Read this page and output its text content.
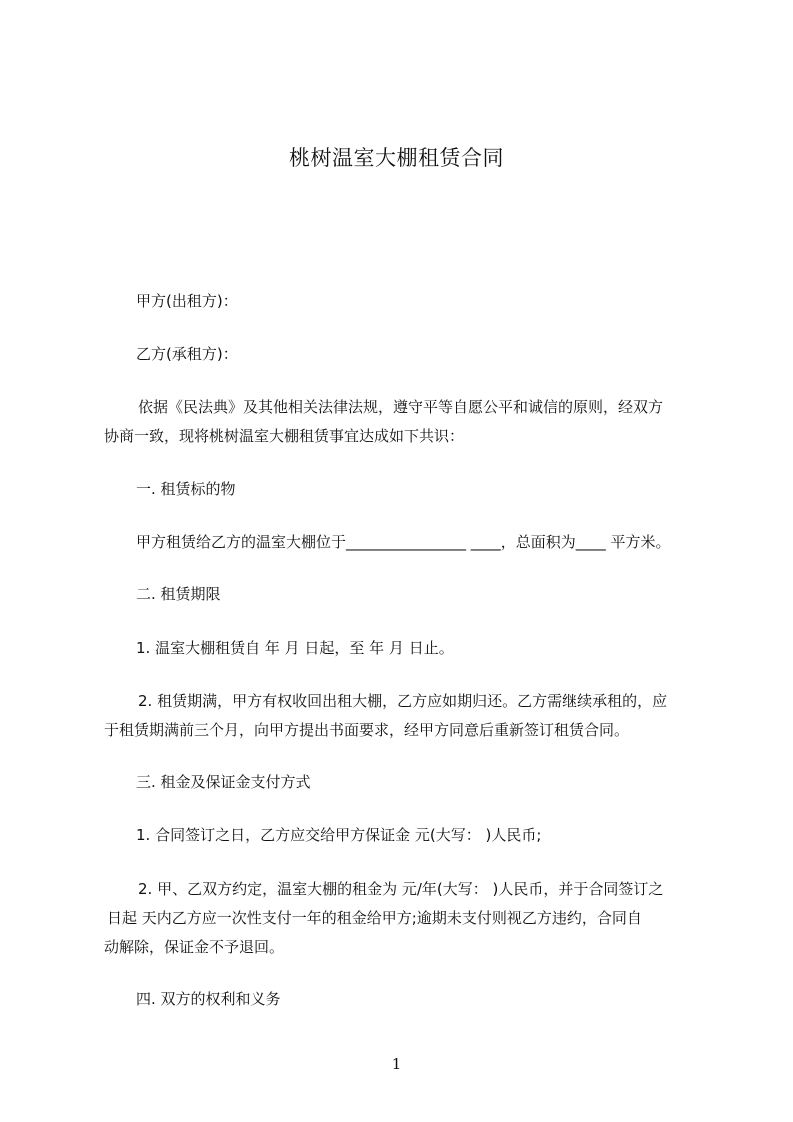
桃树温室大棚租赁合同
甲方(出租方)：
乙方(承租方)：
依据《民法典》及其他相关法律法规，遵守平等自愿公平和诚信的原则，经双方
协商一致，现将桃树温室大棚租赁事宜达成如下共识：
一. 租赁标的物
甲方租赁给乙方的温室大棚位于________________ ____，总面积为____ 平方米。
二. 租赁期限
1. 温室大棚租赁自 年 月 日起，至 年 月 日止。
2. 租赁期满，甲方有权收回出租大棚，乙方应如期归还。乙方需继续承租的，应
于租赁期满前三个月，向甲方提出书面要求，经甲方同意后重新签订租赁合同。
三. 租金及保证金支付方式
1. 合同签订之日，乙方应交给甲方保证金 元(大写： )人民币;
2. 甲、乙双方约定，温室大棚的租金为 元/年(大写： )人民币，并于合同签订之
日起 天内乙方应一次性支付一年的租金给甲方;逾期未支付则视乙方违约，合同自
动解除，保证金不予退回。
四. 双方的权利和义务
1
